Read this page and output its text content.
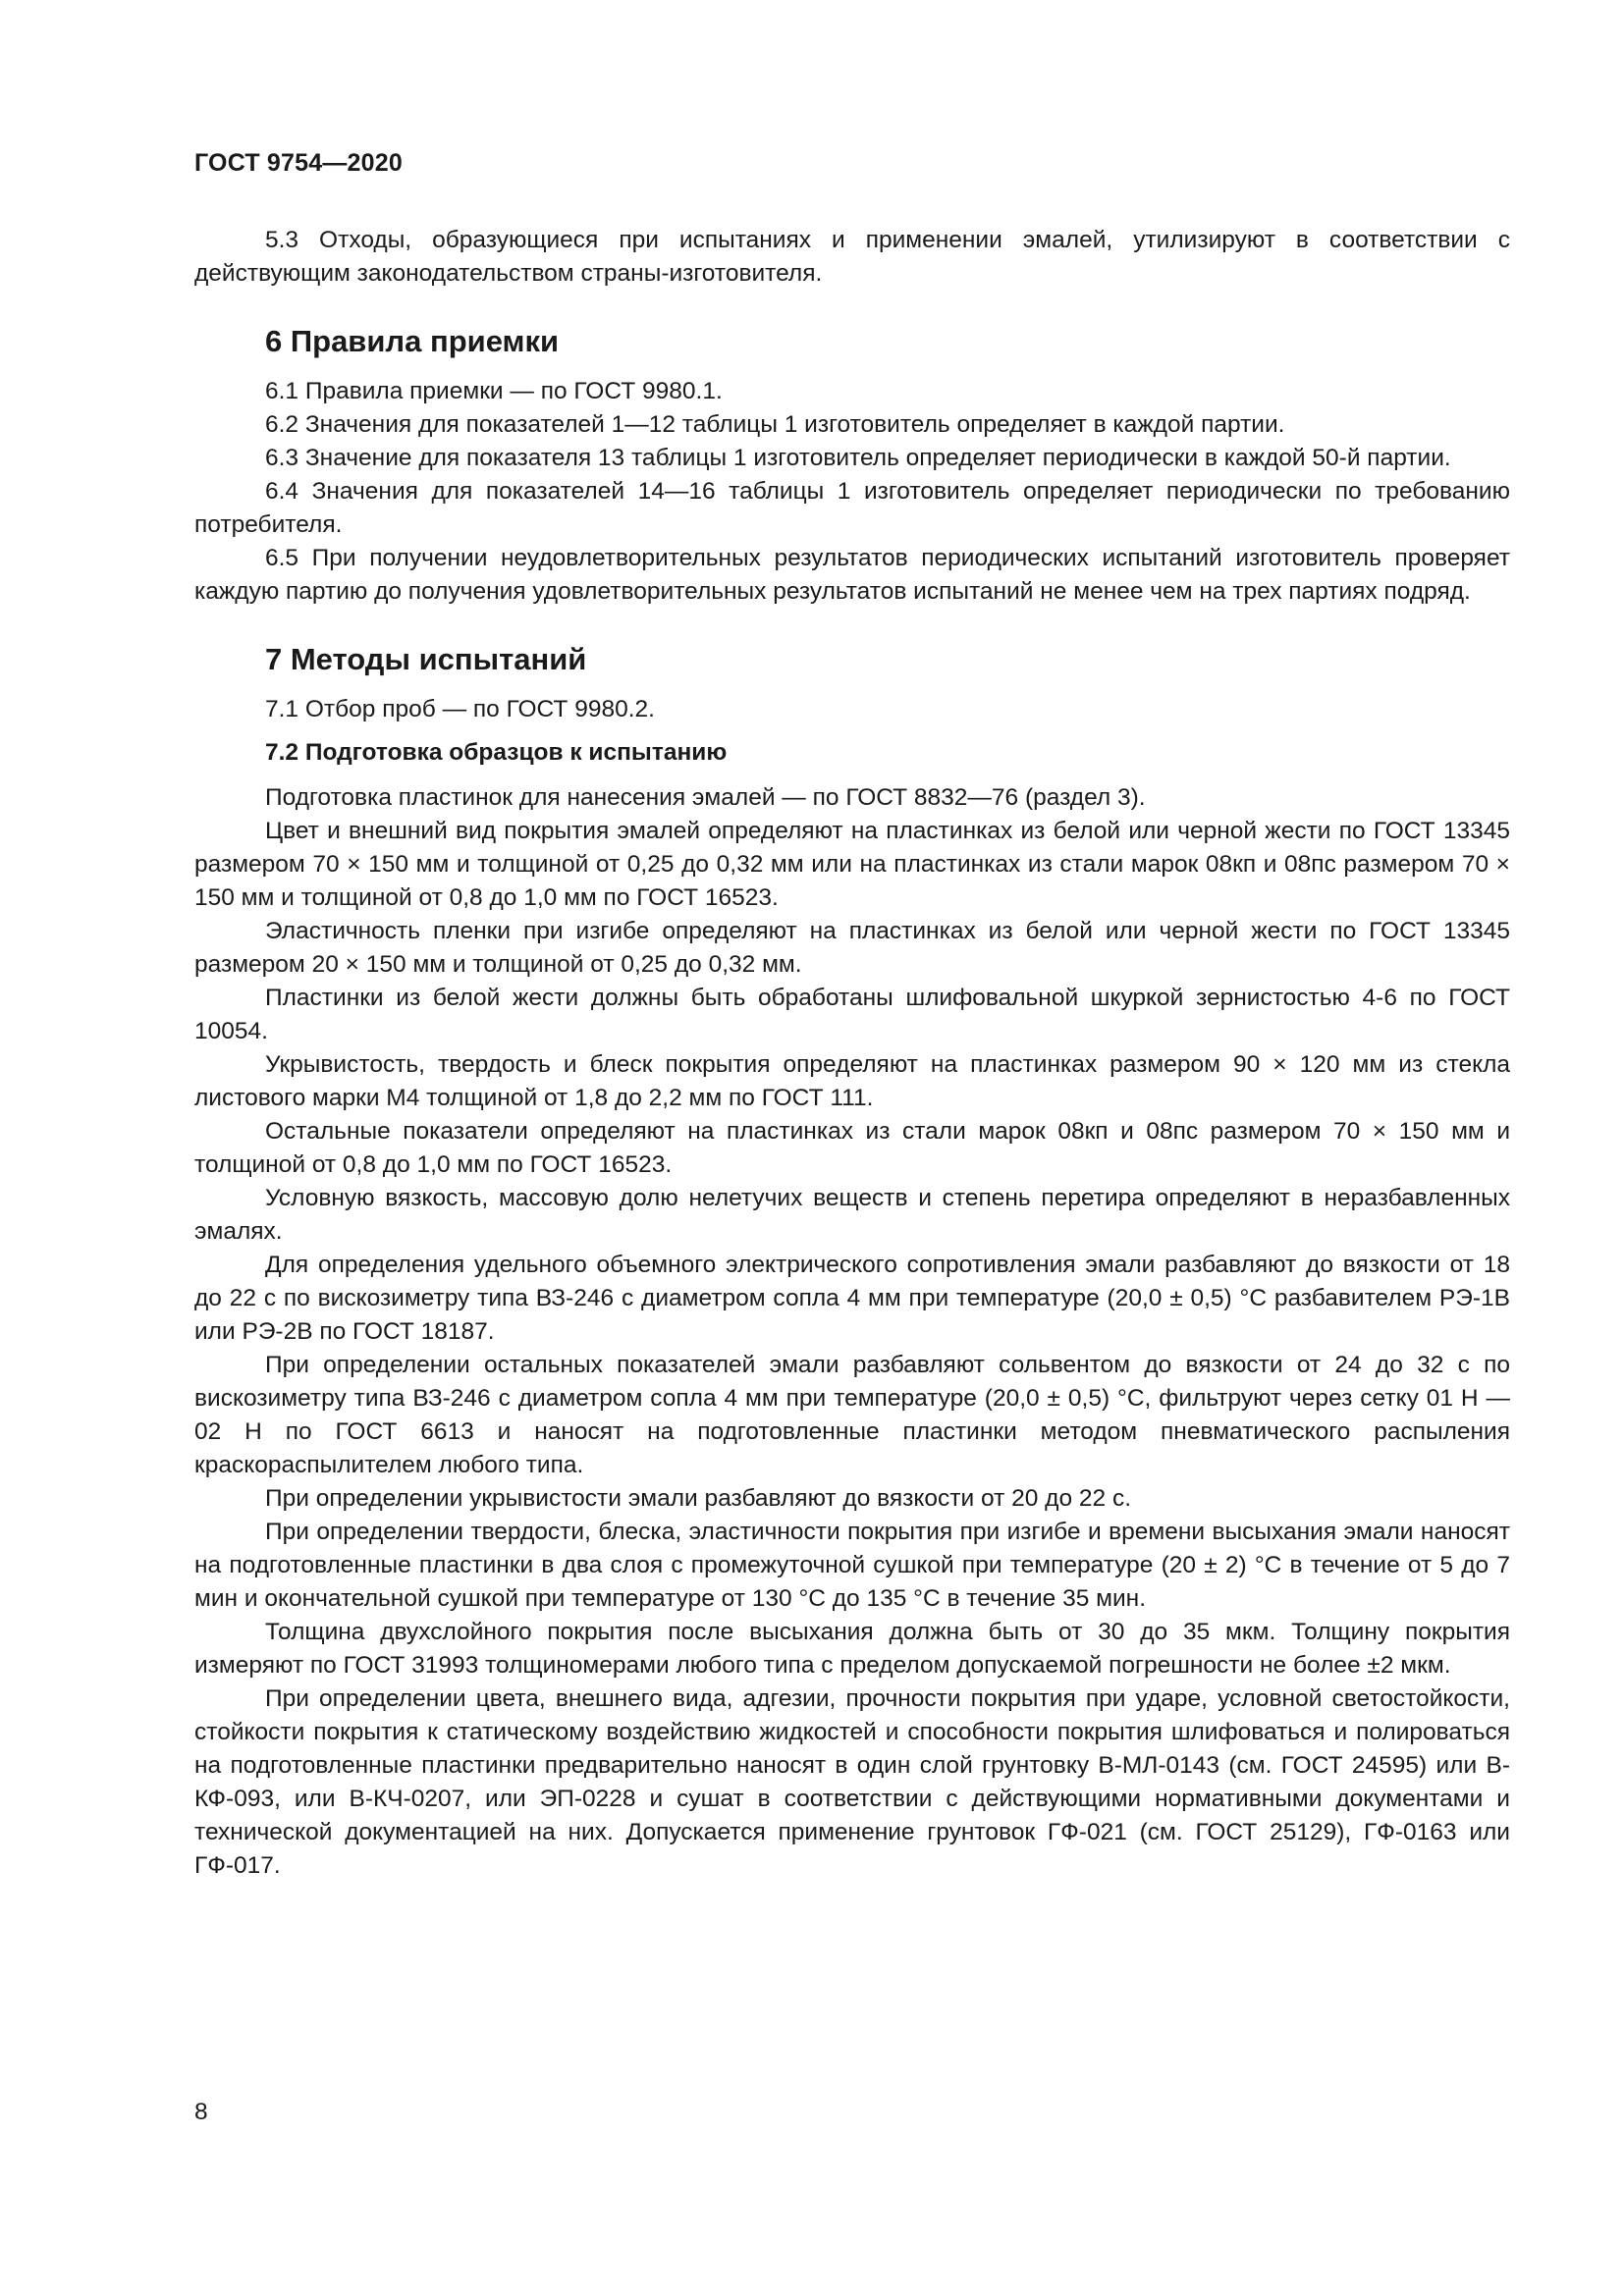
ГОСТ 9754—2020

5.3 Отходы, образующиеся при испытаниях и применении эмалей, утилизируют в соответствии с действующим законодательством страны-изготовителя.

6 Правила приемки

6.1 Правила приемки — по ГОСТ 9980.1.

6.2 Значения для показателей 1—12 таблицы 1 изготовитель определяет в каждой партии.

6.3 Значение для показателя 13 таблицы 1 изготовитель определяет периодически в каждой 50-й партии.

6.4 Значения для показателей 14—16 таблицы 1 изготовитель определяет периодически по требованию потребителя.

6.5 При получении неудовлетворительных результатов периодических испытаний изготовитель проверяет каждую партию до получения удовлетворительных результатов испытаний не менее чем на трех партиях подряд.

7 Методы испытаний

7.1 Отбор проб — по ГОСТ 9980.2.

7.2 Подготовка образцов к испытанию

Подготовка пластинок для нанесения эмалей — по ГОСТ 8832—76 (раздел 3).

Цвет и внешний вид покрытия эмалей определяют на пластинках из белой или черной жести по ГОСТ 13345 размером 70 × 150 мм и толщиной от 0,25 до 0,32 мм или на пластинках из стали марок 08кп и 08пс размером 70 × 150 мм и толщиной от 0,8 до 1,0 мм по ГОСТ 16523.

Эластичность пленки при изгибе определяют на пластинках из белой или черной жести по ГОСТ 13345 размером 20 × 150 мм и толщиной от 0,25 до 0,32 мм.

Пластинки из белой жести должны быть обработаны шлифовальной шкуркой зернистостью 4-6 по ГОСТ 10054.

Укрывистость, твердость и блеск покрытия определяют на пластинках размером 90 × 120 мм из стекла листового марки М4 толщиной от 1,8 до 2,2 мм по ГОСТ 111.

Остальные показатели определяют на пластинках из стали марок 08кп и 08пс размером 70 × 150 мм и толщиной от 0,8 до 1,0 мм по ГОСТ 16523.

Условную вязкость, массовую долю нелетучих веществ и степень перетира определяют в неразбавленных эмалях.

Для определения удельного объемного электрического сопротивления эмали разбавляют до вязкости от 18 до 22 с по вискозиметру типа ВЗ-246 с диаметром сопла 4 мм при температуре (20,0 ± 0,5) °С разбавителем РЭ-1В или РЭ-2В по ГОСТ 18187.

При определении остальных показателей эмали разбавляют сольвентом до вязкости от 24 до 32 с по вискозиметру типа ВЗ-246 с диаметром сопла 4 мм при температуре (20,0 ± 0,5) °С, фильтруют через сетку 01 Н — 02 Н по ГОСТ 6613 и наносят на подготовленные пластинки методом пневматического распыления краскораспылителем любого типа.

При определении укрывистости эмали разбавляют до вязкости от 20 до 22 с.

При определении твердости, блеска, эластичности покрытия при изгибе и времени высыхания эмали наносят на подготовленные пластинки в два слоя с промежуточной сушкой при температуре (20 ± 2) °С в течение от 5 до 7 мин и окончательной сушкой при температуре от 130 °С до 135 °С в течение 35 мин.

Толщина двухслойного покрытия после высыхания должна быть от 30 до 35 мкм. Толщину покрытия измеряют по ГОСТ 31993 толщиномерами любого типа с пределом допускаемой погрешности не более ±2 мкм.

При определении цвета, внешнего вида, адгезии, прочности покрытия при ударе, условной светостойкости, стойкости покрытия к статическому воздействию жидкостей и способности покрытия шлифоваться и полироваться на подготовленные пластинки предварительно наносят в один слой грунтовку В-МЛ-0143 (см. ГОСТ 24595) или В-КФ-093, или В-КЧ-0207, или ЭП-0228 и сушат в соответствии с действующими нормативными документами и технической документацией на них. Допускается применение грунтовок ГФ-021 (см. ГОСТ 25129), ГФ-0163 или ГФ-017.

8
